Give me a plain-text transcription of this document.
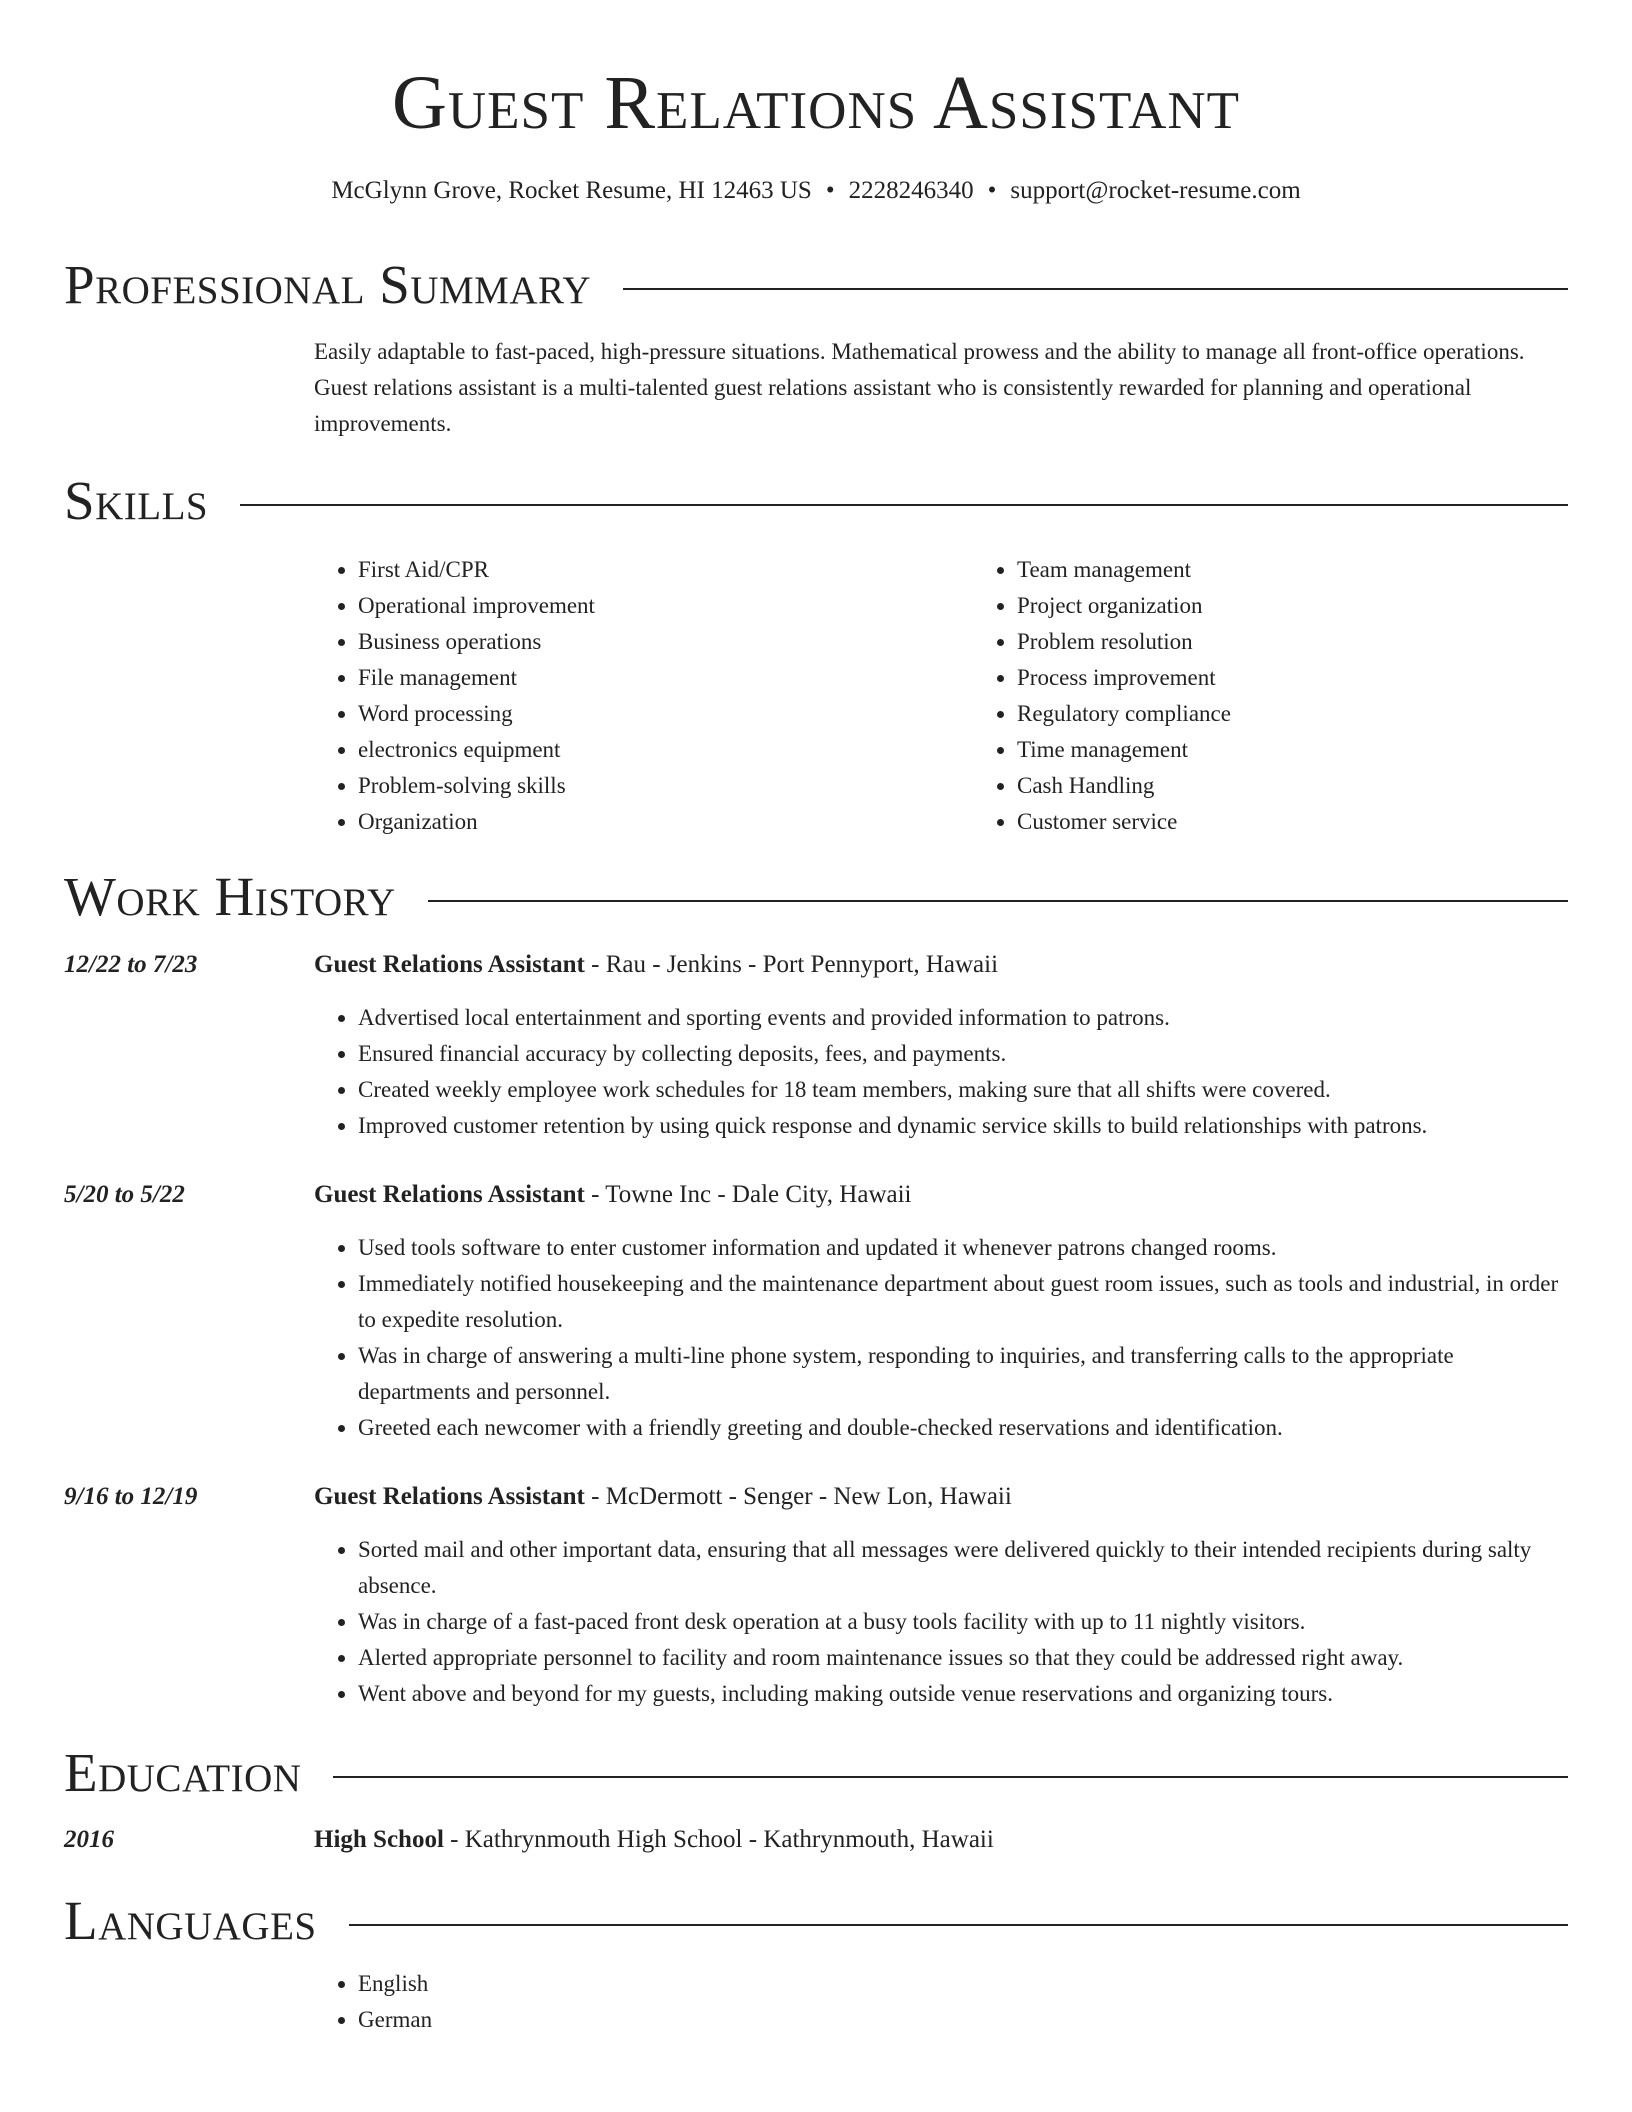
Guest Relations Assistant
McGlynn Grove, Rocket Resume, HI 12463 US • 2228246340 • support@rocket-resume.com
Professional Summary

Easily adaptable to fast-paced, high-pressure situations. Mathematical prowess and the ability to manage all front-office operations. Guest relations assistant is a multi-talented guest relations assistant who is consistently rewarded for planning and operational improvements.

Skills
• First Aid/CPR
• Operational improvement
• Business operations
• File management
• Word processing
• electronics equipment
• Problem-solving skills
• Organization
• Team management
• Project organization
• Problem resolution
• Process improvement
• Regulatory compliance
• Time management
• Cash Handling
• Customer service
Work History
12/22 to 7/23	Guest Relations Assistant - Rau - Jenkins - Port Pennyport, Hawaii
• Advertised local entertainment and sporting events and provided information to patrons.
• Ensured financial accuracy by collecting deposits, fees, and payments.
• Created weekly employee work schedules for 18 team members, making sure that all shifts were covered.
• Improved customer retention by using quick response and dynamic service skills to build relationships with patrons.
5/20 to 5/22	Guest Relations Assistant - Towne Inc - Dale City, Hawaii
• Used tools software to enter customer information and updated it whenever patrons changed rooms.
• Immediately notified housekeeping and the maintenance department about guest room issues, such as tools and industrial, in order to expedite resolution.
• Was in charge of answering a multi-line phone system, responding to inquiries, and transferring calls to the appropriate departments and personnel.
• Greeted each newcomer with a friendly greeting and double-checked reservations and identification.
9/16 to 12/19	Guest Relations Assistant - McDermott - Senger - New Lon, Hawaii
• Sorted mail and other important data, ensuring that all messages were delivered quickly to their intended recipients during salty absence.
• Was in charge of a fast-paced front desk operation at a busy tools facility with up to 11 nightly visitors.
• Alerted appropriate personnel to facility and room maintenance issues so that they could be addressed right away.
• Went above and beyond for my guests, including making outside venue reservations and organizing tours.
Education
2016	High School - Kathrynmouth High School - Kathrynmouth, Hawaii
Languages
• English
• German
